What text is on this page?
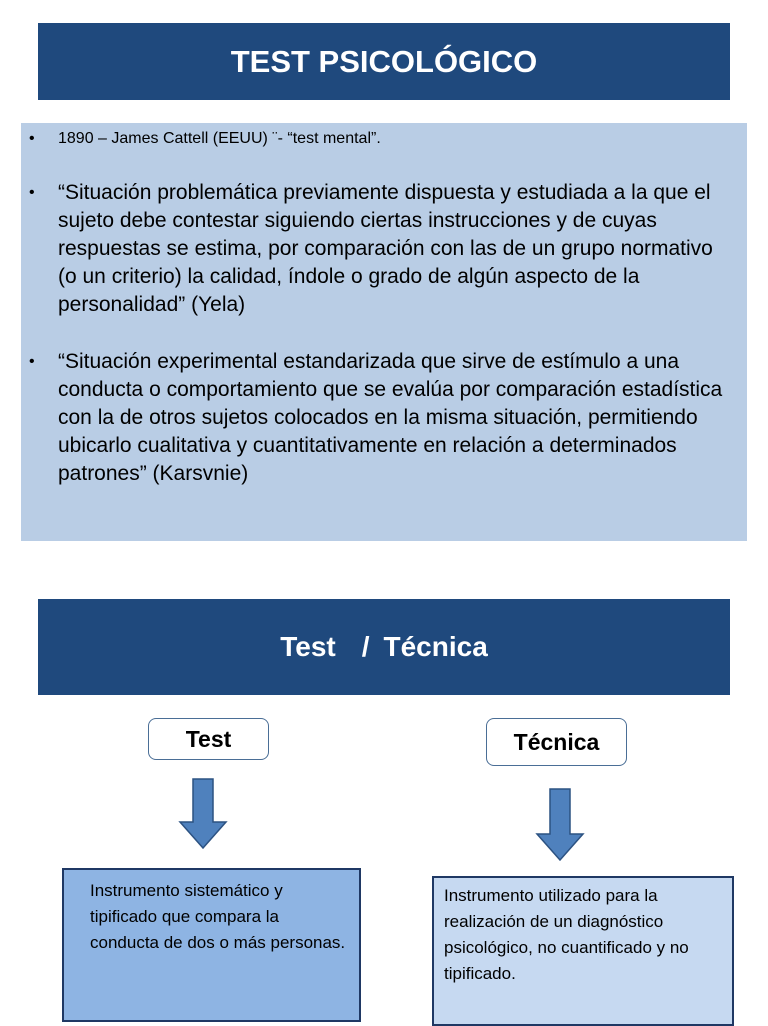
TEST PSICOLÓGICO
• 1890 – James Cattell (EEUU) ¨- “test mental”.
• “Situación problemática previamente dispuesta y estudiada a la que el sujeto debe contestar siguiendo ciertas instrucciones y de cuyas respuestas se estima, por comparación con las de un grupo normativo (o un criterio) la calidad, índole o grado de algún aspecto de la personalidad” (Yela)
• “Situación experimental estandarizada que sirve de estímulo a una conducta o comportamiento que se evalúa por comparación estadística con la de otros sujetos colocados en la misma situación, permitiendo ubicarlo cualitativa y cuantitativamente en relación a determinados patrones” (Karsvnie)
Test / Técnica
Test	Técnica
Instrumento sistemático y tipificado que compara la conducta de dos o más personas.
Instrumento utilizado para la realización de un diagnóstico psicológico, no cuantificado y no tipificado.
